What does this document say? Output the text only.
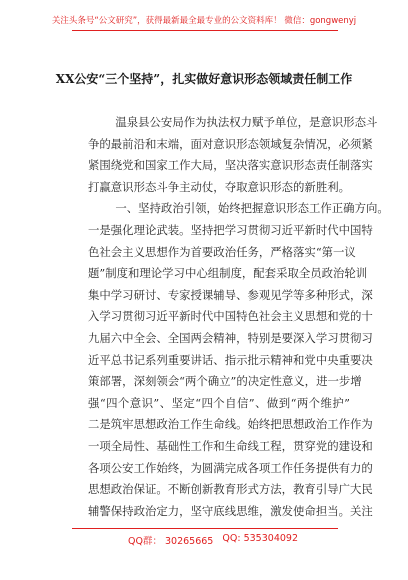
关注头条号“公文研究”，获得最新最全最专业的公文资料库！ 微信：gongwenyj
XX公安“三个坚持”，扎实做好意识形态领域责任制工作
温泉县公安局作为执法权力赋予单位，是意识形态斗
争的最前沿和末端，面对意识形态领域复杂情况，必须紧
紧围绕党和国家工作大局，坚决落实意识形态责任制落实
打赢意识形态斗争主动仗，夺取意识形态的新胜利。
一、坚持政治引领，始终把握意识形态工作正确方向。
一是强化理论武装。坚持把学习贯彻习近平新时代中国特
色社会主义思想作为首要政治任务，严格落实“第一议
题”制度和理论学习中心组制度，配套采取全员政治轮训
集中学习研讨、专家授课辅导、参观见学等多种形式，深
入学习贯彻习近平新时代中国特色社会主义思想和党的十
九届六中全会、全国两会精神，特别是要深入学习贯彻习
近平总书记系列重要讲话、指示批示精神和党中央重要决
策部署，深刻领会“两个确立”的决定性意义，进一步增
强“四个意识”、坚定“四个自信”、做到“两个维护”
二是筑牢思想政治工作生命线。始终把思想政治工作作为
一项全局性、基础性工作和生命线工程，贯穿党的建设和
各项公安工作始终，为圆满完成各项工作任务提供有力的
思想政治保证。不断创新教育形式方法，教育引导广大民
辅警保持政治定力，坚守底线思维，激发使命担当。关注
QQ群： 30265665 QQ: 535304092
